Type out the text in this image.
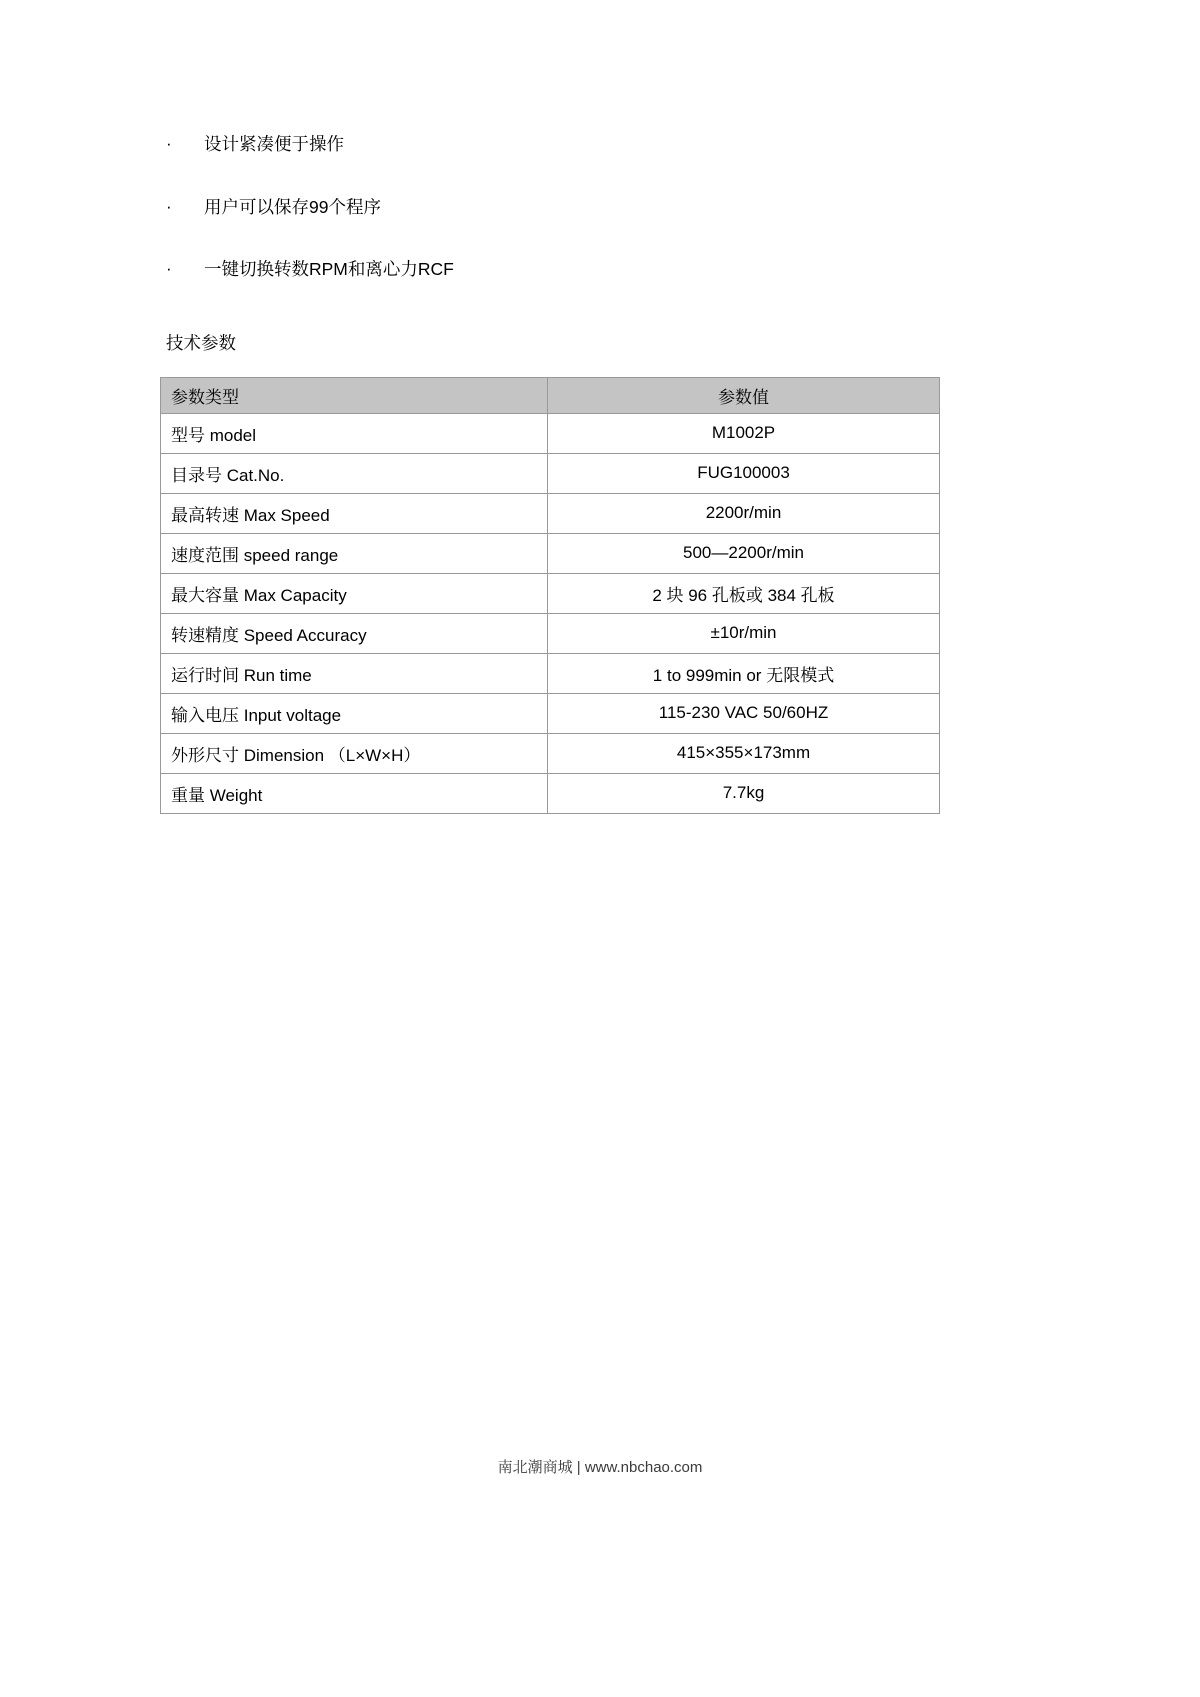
·	设计紧凑便于操作
·	用户可以保存99个程序
·	一键切换转数RPM和离心力RCF
技术参数
参数类型	参数值
型号 model	M1002P
目录号 Cat.No.	FUG100003
最高转速 Max Speed	2200r/min
速度范围 speed range	500—2200r/min
最大容量 Max Capacity	2 块 96 孔板或 384 孔板
转速精度 Speed Accuracy	±10r/min
运行时间 Run time	1 to 999min or 无限模式
输入电压 Input voltage	115-230 VAC 50/60HZ
外形尺寸 Dimension （L×W×H）	415×355×173mm
重量 Weight	7.7kg
南北潮商城 | www.nbchao.com
